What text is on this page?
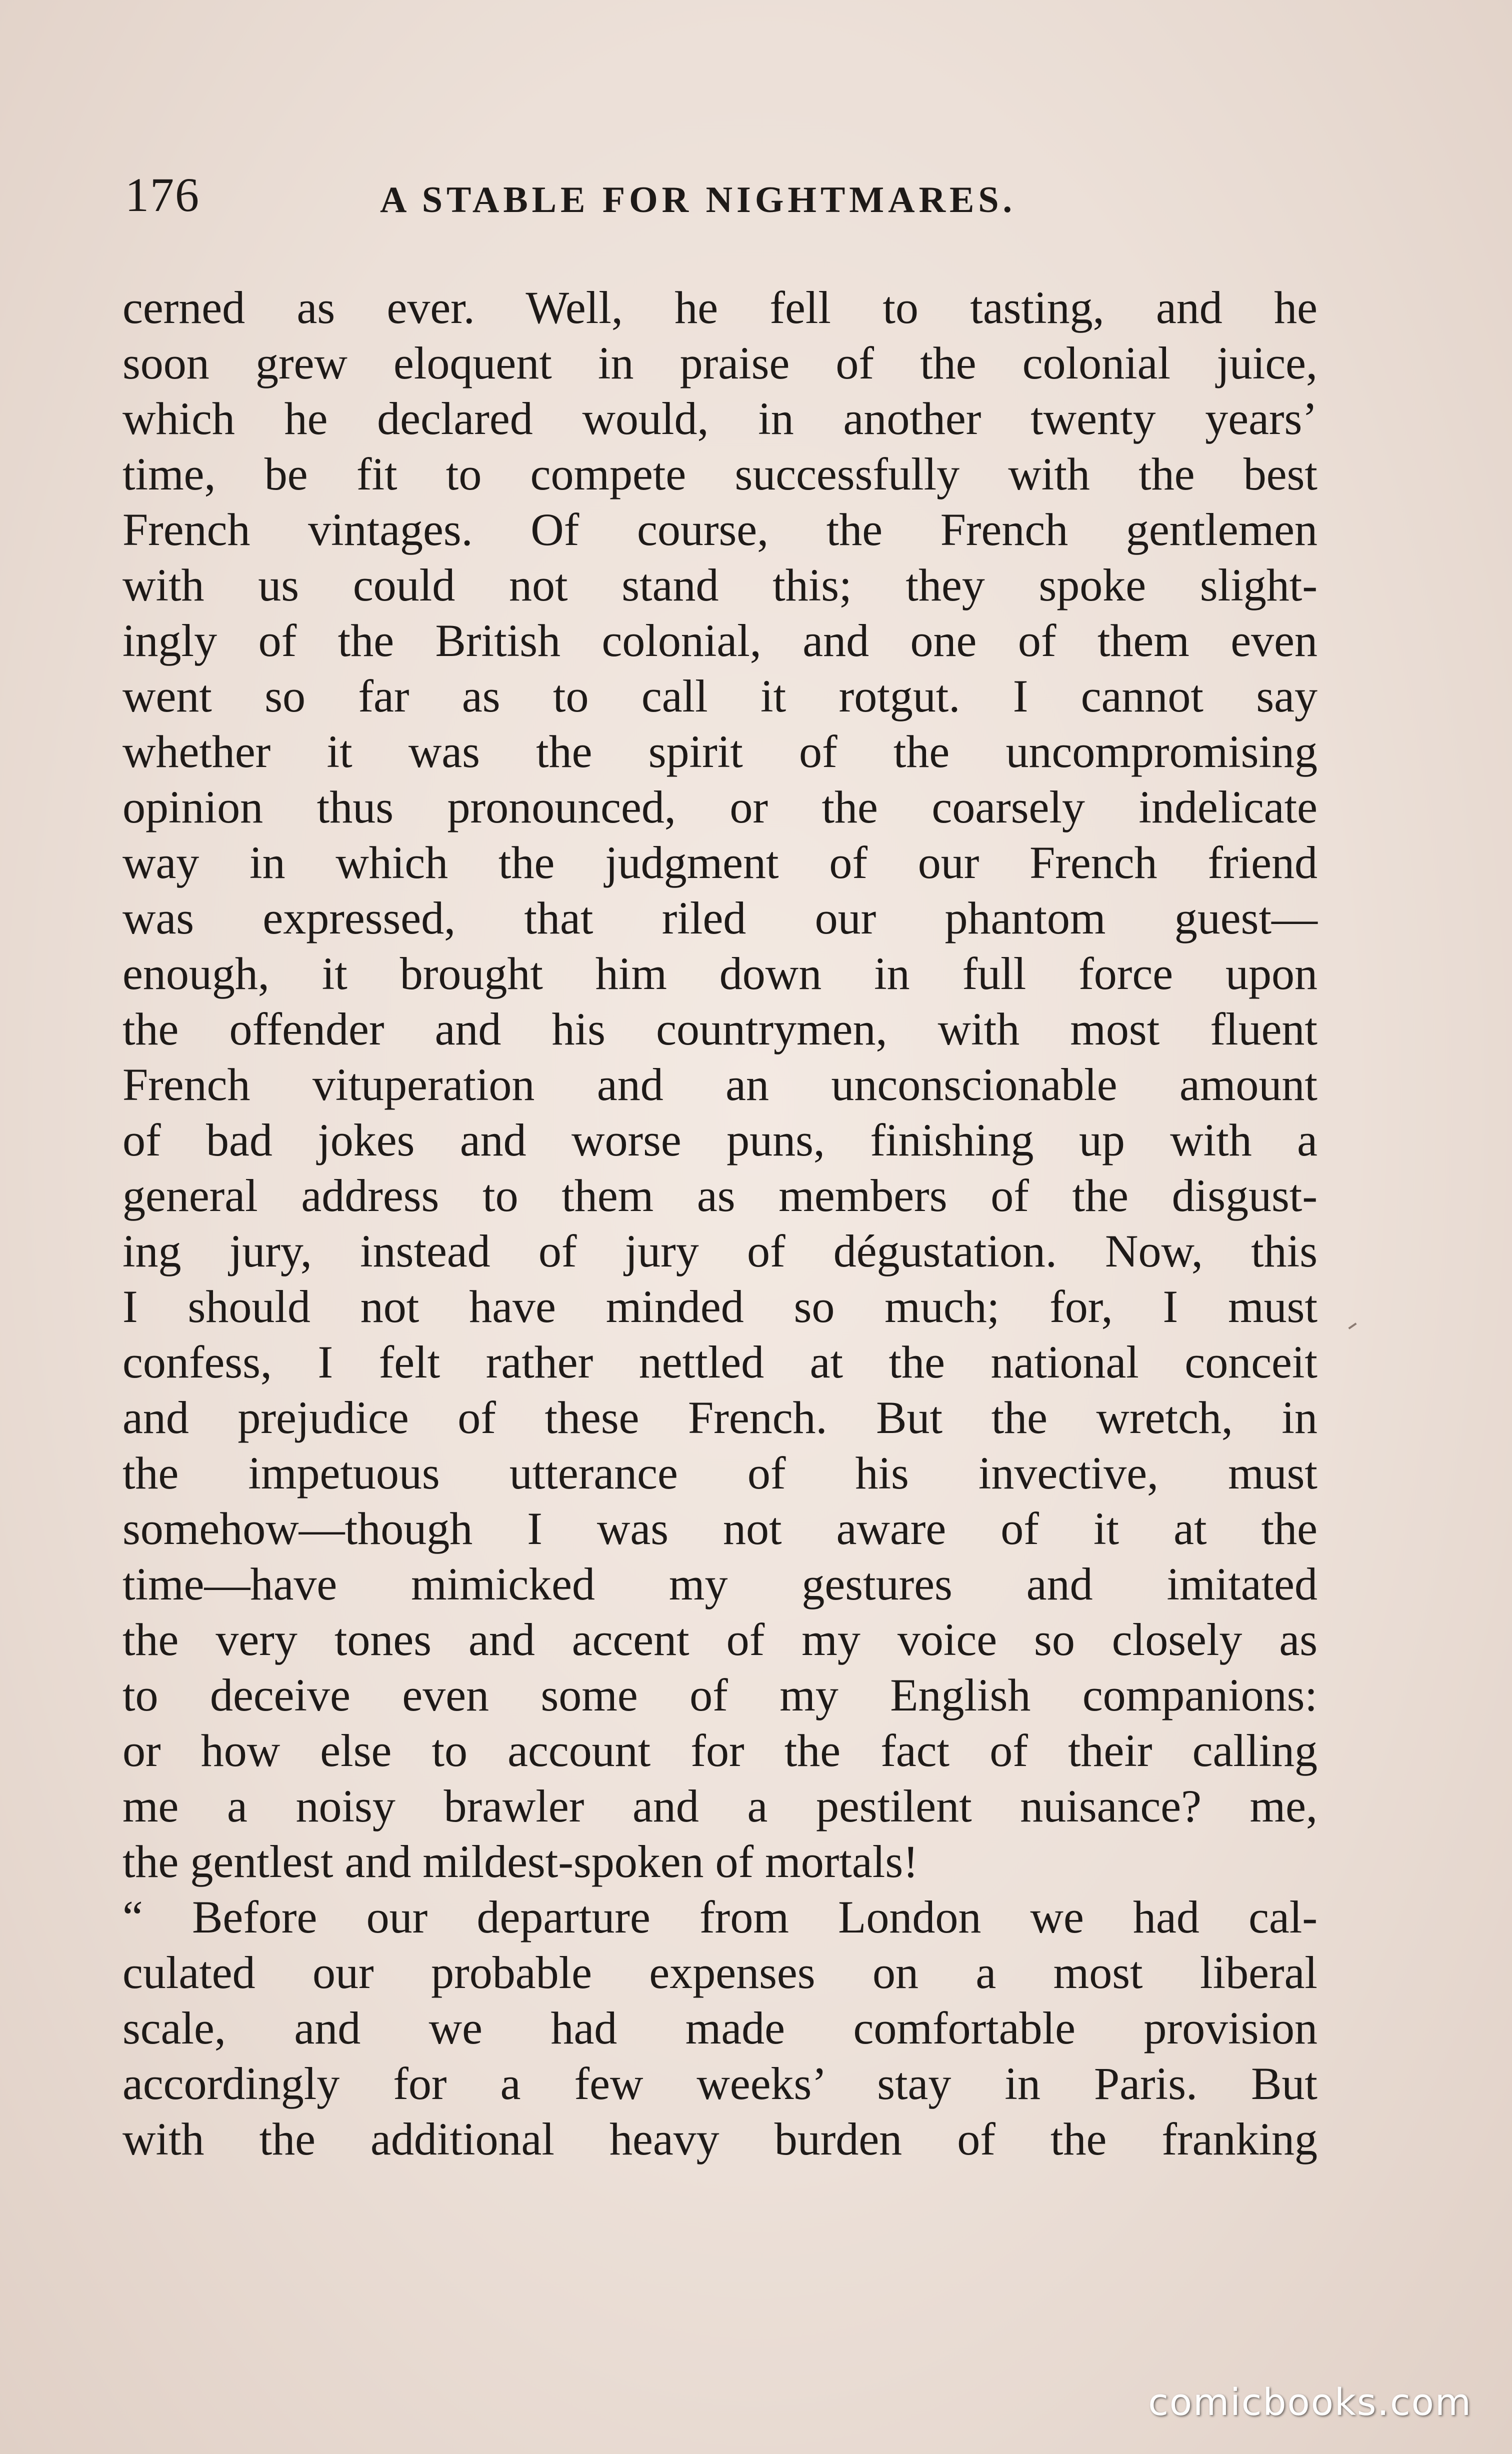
176	A STABLE FOR NIGHTMARES.
cerned as ever. Well, he fell to tasting, and he
soon grew eloquent in praise of the colonial juice,
which he declared would, in another twenty years’
time, be fit to compete successfully with the best
French vintages. Of course, the French gentlemen
with us could not stand this; they spoke slight-
ingly of the British colonial, and one of them even
went so far as to call it rotgut. I cannot say
whether it was the spirit of the uncompromising
opinion thus pronounced, or the coarsely indelicate
way in which the judgment of our French friend
was expressed, that riled our phantom guest—
enough, it brought him down in full force upon
the offender and his countrymen, with most fluent
French vituperation and an unconscionable amount
of bad jokes and worse puns, finishing up with a
general address to them as members of the disgust-
ing jury, instead of jury of dégustation. Now, this
I should not have minded so much; for, I must
confess, I felt rather nettled at the national conceit
and prejudice of these French. But the wretch, in
the impetuous utterance of his invective, must
somehow—though I was not aware of it at the
time—have mimicked my gestures and imitated
the very tones and accent of my voice so closely as
to deceive even some of my English companions:
or how else to account for the fact of their calling
me a noisy brawler and a pestilent nuisance? me,
the gentlest and mildest-spoken of mortals!
“ Before our departure from London we had cal-
culated our probable expenses on a most liberal
scale, and we had made comfortable provision
accordingly for a few weeks’ stay in Paris. But
with the additional heavy burden of the franking
comicbooks.com
